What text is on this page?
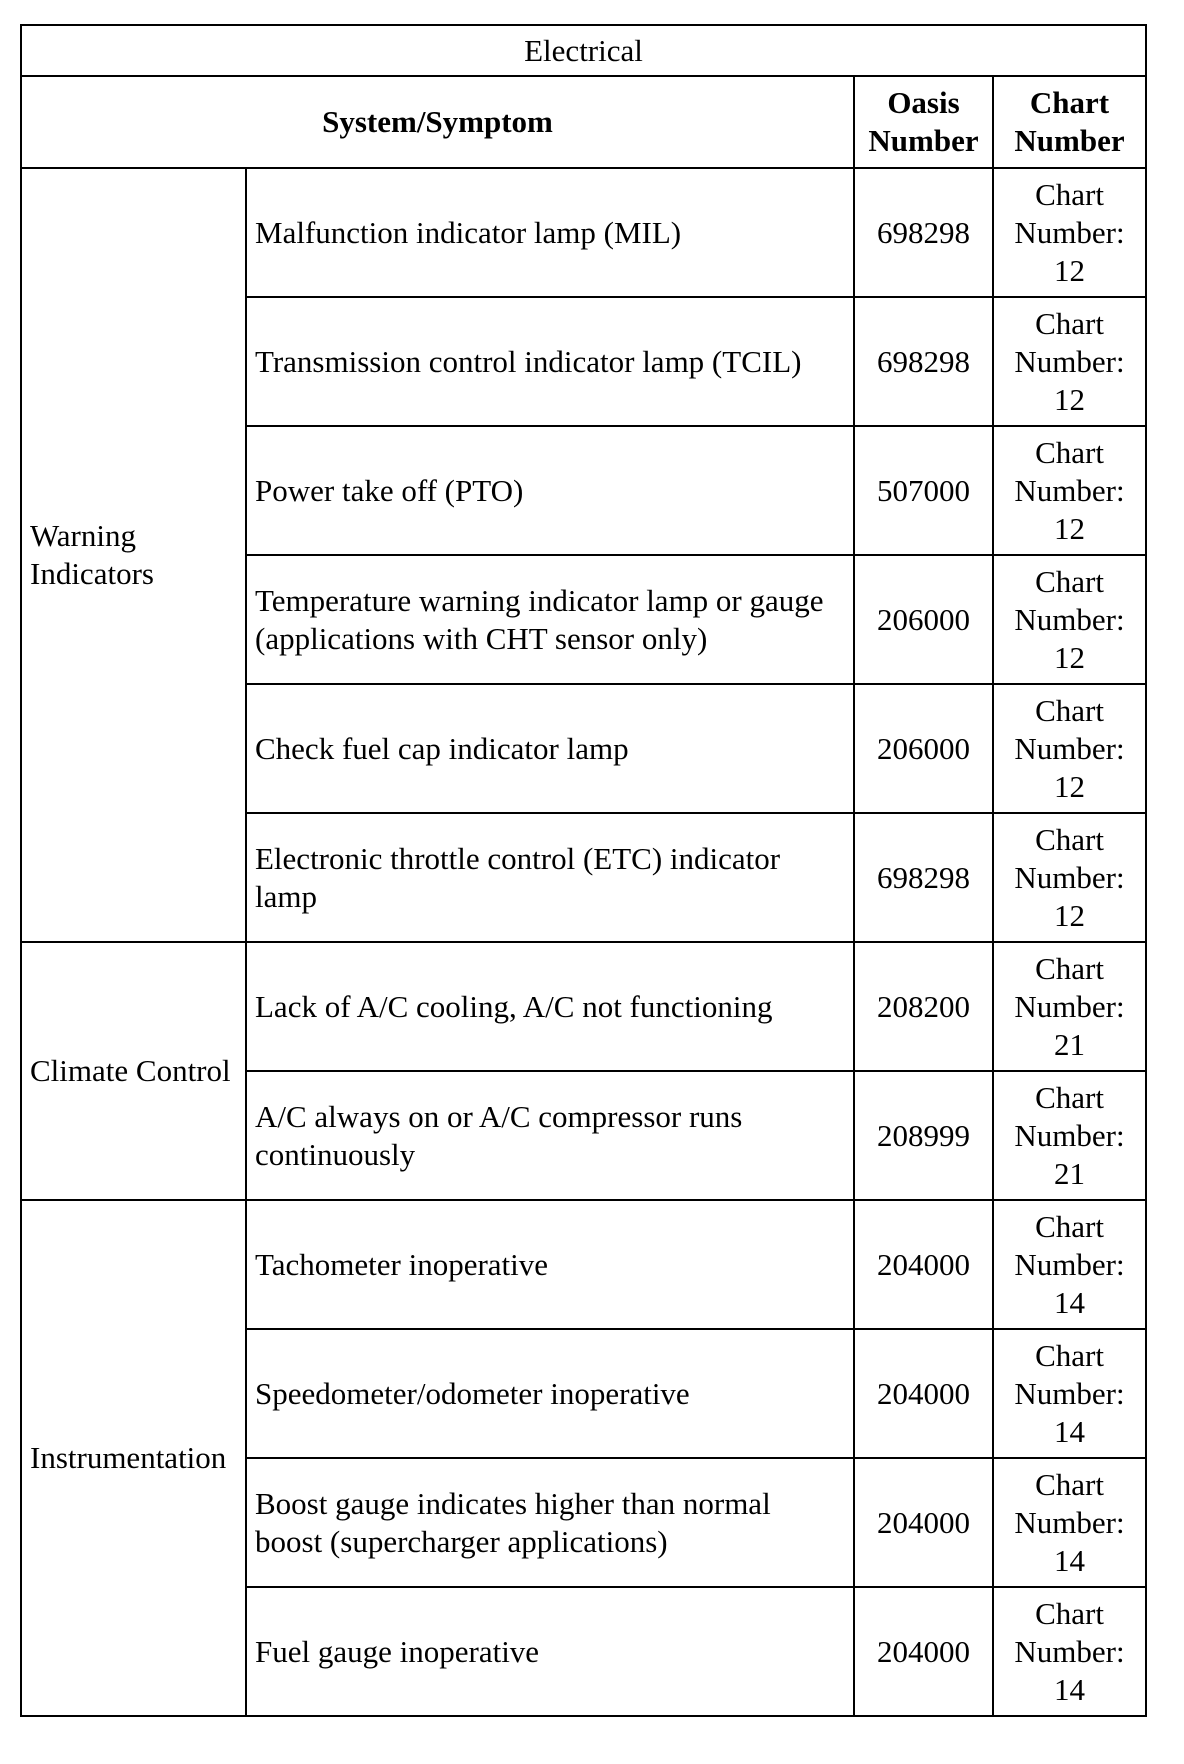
Electrical			
System/Symptom		Oasis Number	Chart Number
Warning Indicators	Malfunction indicator lamp (MIL)	698298	Chart Number: 12
	Transmission control indicator lamp (TCIL)	698298	Chart Number: 12
	Power take off (PTO)	507000	Chart Number: 12
	Temperature warning indicator lamp or gauge (applications with CHT sensor only)	206000	Chart Number: 12
	Check fuel cap indicator lamp	206000	Chart Number: 12
	Electronic throttle control (ETC) indicator lamp	698298	Chart Number: 12
Climate Control	Lack of A/C cooling, A/C not functioning	208200	Chart Number: 21
	A/C always on or A/C compressor runs continuously	208999	Chart Number: 21
Instrumentation	Tachometer inoperative	204000	Chart Number: 14
	Speedometer/odometer inoperative	204000	Chart Number: 14
	Boost gauge indicates higher than normal boost (supercharger applications)	204000	Chart Number: 14
	Fuel gauge inoperative	204000	Chart Number: 14
